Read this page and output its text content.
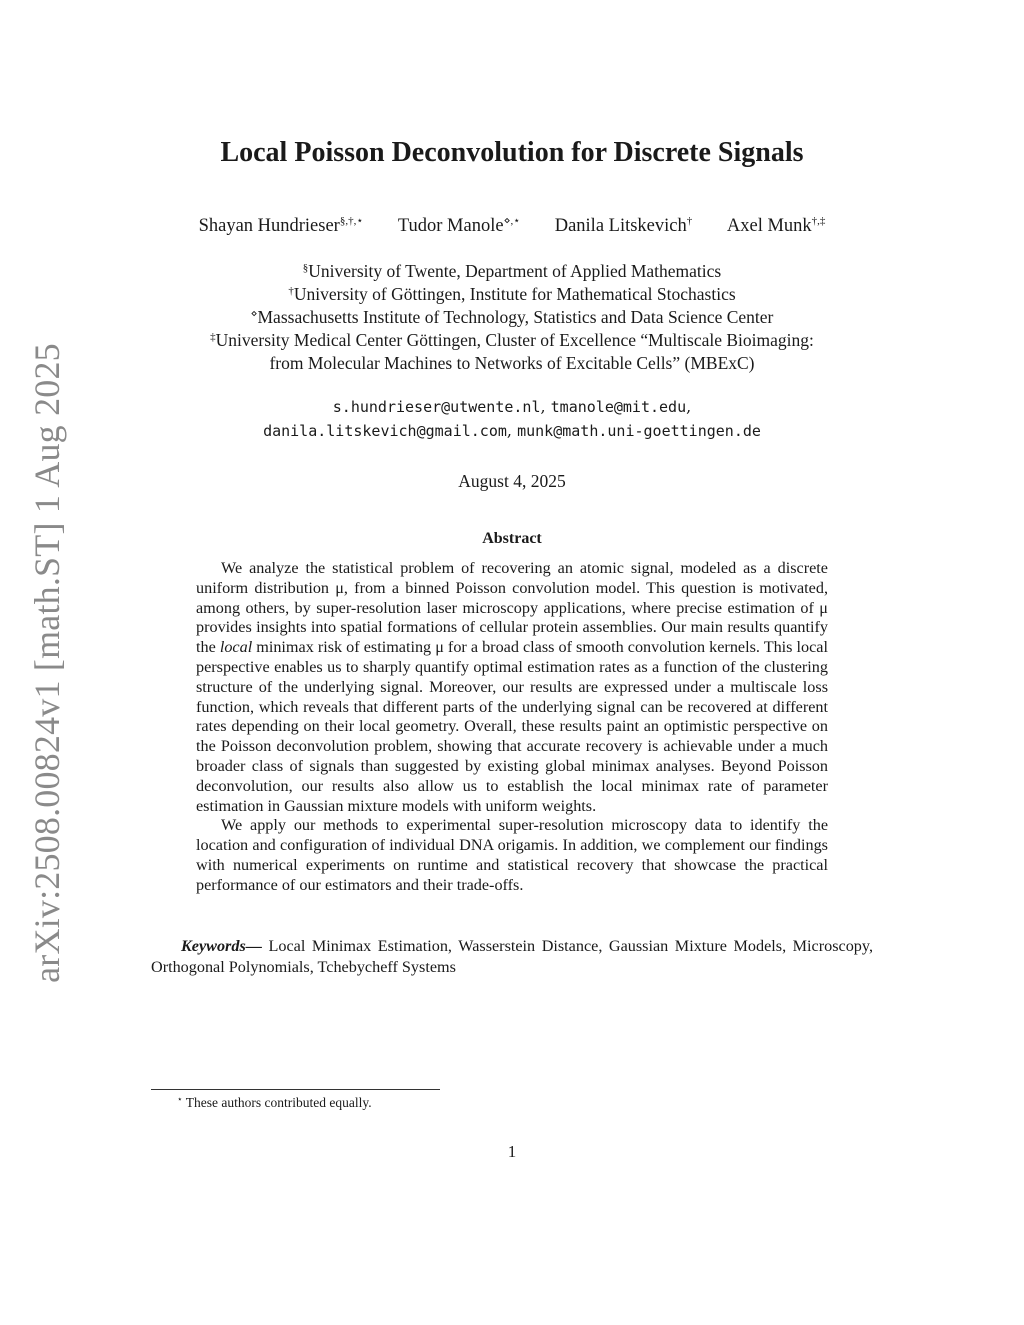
arXiv:2508.00824v1 [math.ST] 1 Aug 2025
Local Poisson Deconvolution for Discrete Signals
Shayan Hundrieser§,†,⋆ Tudor Manole⋄,⋆ Danila Litskevich† Axel Munk†,‡
§University of Twente, Department of Applied Mathematics
†University of Göttingen, Institute for Mathematical Stochastics
⋄Massachusetts Institute of Technology, Statistics and Data Science Center
‡University Medical Center Göttingen, Cluster of Excellence “Multiscale Bioimaging:
from Molecular Machines to Networks of Excitable Cells” (MBExC)
s.hundrieser@utwente.nl, tmanole@mit.edu,
danila.litskevich@gmail.com, munk@math.uni-goettingen.de
August 4, 2025
Abstract

We analyze the statistical problem of recovering an atomic signal, modeled as a discrete uniform distribution μ, from a binned Poisson convolution model. This question is motivated, among others, by super-resolution laser microscopy applications, where precise estimation of μ provides insights into spatial formations of cellular protein assemblies. Our main results quantify the local minimax risk of estimating μ for a broad class of smooth convolution kernels. This local perspective enables us to sharply quantify optimal estimation rates as a function of the clustering structure of the underlying signal. Moreover, our results are expressed under a multiscale loss function, which reveals that different parts of the underlying signal can be recovered at different rates depending on their local geometry. Overall, these results paint an optimistic perspective on the Poisson deconvolution problem, showing that accurate recovery is achievable under a much broader class of signals than suggested by existing global minimax analyses. Beyond Poisson deconvolution, our results also allow us to establish the local minimax rate of parameter estimation in Gaussian mixture models with uniform weights.

We apply our methods to experimental super-resolution microscopy data to identify the location and configuration of individual DNA origamis. In addition, we complement our findings with numerical experiments on runtime and statistical recovery that showcase the practical performance of our estimators and their trade-offs.

Keywords— Local Minimax Estimation, Wasserstein Distance, Gaussian Mixture Models, Microscopy, Orthogonal Polynomials, Tchebycheff Systems
⋆ These authors contributed equally.
1
